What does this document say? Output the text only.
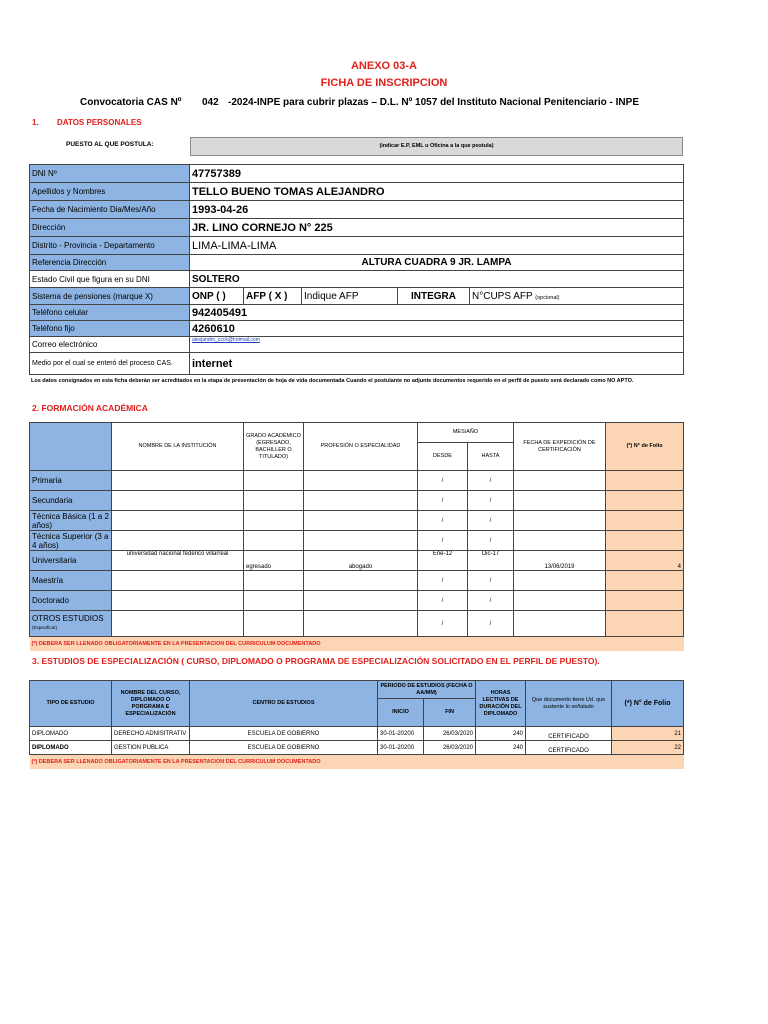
ANEXO 03-A
FICHA DE INSCRIPCION
Convocatoria CAS Nº 042 -2024-INPE para cubrir plazas – D.L. Nº 1057 del Instituto Nacional Penitenciario - INPE
1. DATOS PERSONALES
PUESTO AL QUE POSTULA:	(indicar E.P, EML u Oficina a la que postula)
DNI Nº	47757389				
Apellidos y Nombres	TELLO BUENO TOMAS ALEJANDRO				
Fecha de Nacimiento Dia/Mes/Año	1993-04-26				
Dirección	JR. LINO CORNEJO N° 225				
Distrito - Provincia - Departamento	LIMA-LIMA-LIMA				
Referencia Dirección	ALTURA CUADRA 9 JR. LAMPA				
Estado Civil que figura en su DNI	SOLTERO				
Sistema de pensiones (marque X)	ONP ( )	AFP ( X )	Indique AFP	INTEGRA	N°CUPS AFP (opcional)
Teléfono celular	942405491				
Teléfono fijo	4260610				
Correo electrónico	alexjandro_ccck@hotmail.com				
Medio por el cual se enteró del proceso CAS.	internet				
Los datos consignados en esta ficha deberán ser acreditados en la etapa de presentación de hoja de vida documentada Cuando el postulante no adjunte documentos requerido en el perfil de puesto será declarado como NO APTO.
2. FORMACIÓN ACADÉMICA
	NOMBRE DE LA INSTITUCIÓN	GRADO ACADÉMICO (EGRESADO, BACHILLER O TITULADO)	PROFESIÓN O ESPECIALIDAD	MES/AÑO		FECHA DE EXPEDICIÓN DE CERTIFICACIÓN	(*) N° de Folio
				DESDE	HASTA		
Primaria				/	/		
Secundaria				/	/		
Técnica Básica (1 a 2 años)				/	/		
Técnica Superior (3 a 4 años)				/	/		
Universitaria	universidad nacional federico villarreal	egresado	abogado	Ene-12	Dic-17	13/06/2019	4
Maestría				/	/		
Doctorado				/	/		
OTROS ESTUDIOS
(Especificar)				/	/		
(*) DEBERA SER LLENADO OBLIGATORIAMENTE EN LA PRESENTACION DEL CURRICULUM DOCUMENTADO							
3. ESTUDIOS DE ESPECIALIZACIÓN ( CURSO, DIPLOMADO O PROGRAMA DE ESPECIALIZACIÓN SOLICITADO EN EL PERFIL DE PUESTO).
TIPO DE ESTUDIO	NOMBRE DEL CURSO, DIPLOMADO O PORGRAMA E ESPECIALIZACIÓN	CENTRO DE ESTUDIOS	PERIODO DE ESTUDIOS (FECHA O AA/MM)		HORAS LECTIVAS DE DURACIÓN DEL DIPLOMADO	Que documento tiene Ud. que sustente lo señalado	(*) N° de Folio
			INICIO	FIN			
DIPLOMADO	DERECHO ADNISITRATIV	ESCUELA DE GOBIERNO	30-01-20200	26/03/2020	240	CERTIFICADO	21
DIPLOMADO	GESTION PUBLICA	ESCUELA DE GOBIERNO	30-01-20200	26/03/2020	240	CERTIFICADO	22
(*) DEBERA SER LLENADO OBLIGATORIAMENTE EN LA PRESENTACION DEL CURRICULUM DOCUMENTADO							
